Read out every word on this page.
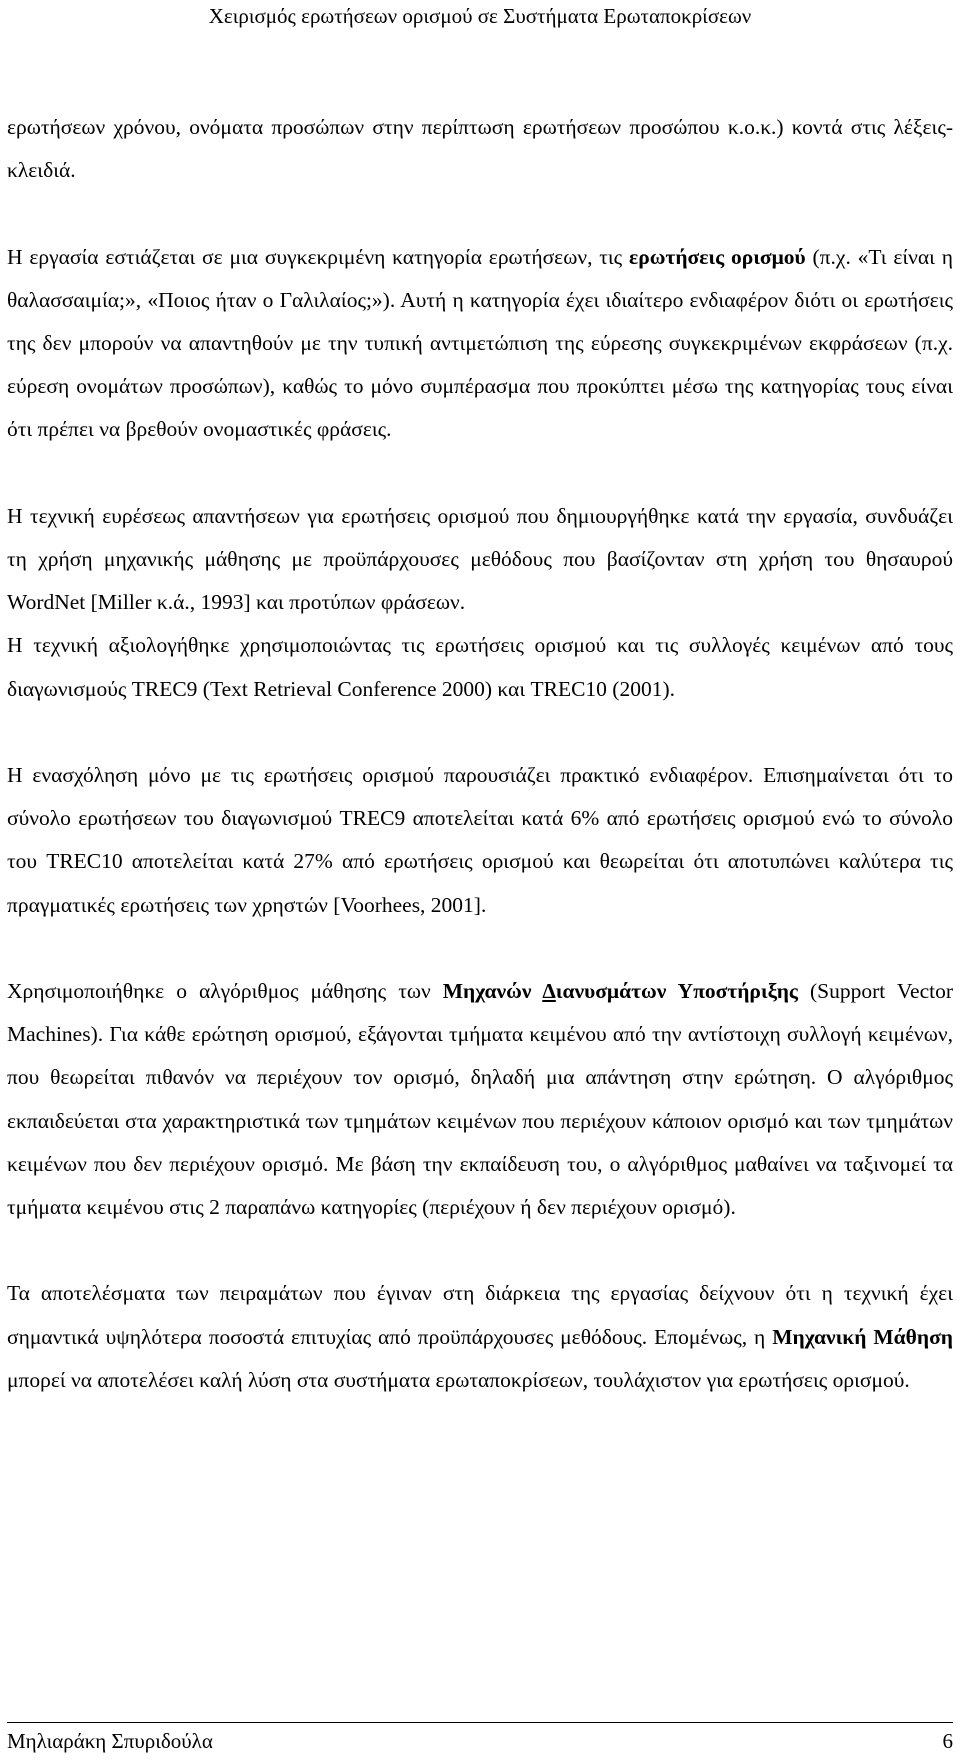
Χειρισμός ερωτήσεων ορισμού σε Συστήματα Ερωταποκρίσεων

ερωτήσεων χρόνου, ονόματα προσώπων στην περίπτωση ερωτήσεων προσώπου κ.ο.κ.) κοντά στις λέξεις-κλειδιά.

Η εργασία εστιάζεται σε μια συγκεκριμένη κατηγορία ερωτήσεων, τις ερωτήσεις ορισμού (π.χ. «Τι είναι η θαλασσαιμία;», «Ποιος ήταν ο Γαλιλαίος;»). Αυτή η κατηγορία έχει ιδιαίτερο ενδιαφέρον διότι οι ερωτήσεις της δεν μπορούν να απαντηθούν με την τυπική αντιμετώπιση της εύρεσης συγκεκριμένων εκφράσεων (π.χ. εύρεση ονομάτων προσώπων), καθώς το μόνο συμπέρασμα που προκύπτει μέσω της κατηγορίας τους είναι ότι πρέπει να βρεθούν ονομαστικές φράσεις.

Η τεχνική ευρέσεως απαντήσεων για ερωτήσεις ορισμού που δημιουργήθηκε κατά την εργασία, συνδυάζει τη χρήση μηχανικής μάθησης με προϋπάρχουσες μεθόδους που βασίζονταν στη χρήση του θησαυρού WordNet [Miller κ.ά., 1993] και προτύπων φράσεων.

Η τεχνική αξιολογήθηκε χρησιμοποιώντας τις ερωτήσεις ορισμού και τις συλλογές κειμένων από τους διαγωνισμούς TREC9 (Text Retrieval Conference 2000) και TREC10 (2001).

Η ενασχόληση μόνο με τις ερωτήσεις ορισμού παρουσιάζει πρακτικό ενδιαφέρον. Επισημαίνεται ότι το σύνολο ερωτήσεων του διαγωνισμού TREC9 αποτελείται κατά 6% από ερωτήσεις ορισμού ενώ το σύνολο του TREC10 αποτελείται κατά 27% από ερωτήσεις ορισμού και θεωρείται ότι αποτυπώνει καλύτερα τις πραγματικές ερωτήσεις των χρηστών [Voorhees, 2001].

Χρησιμοποιήθηκε ο αλγόριθμος μάθησης των Μηχανών Διανυσμάτων Υποστήριξης (Support Vector Machines). Για κάθε ερώτηση ορισμού, εξάγονται τμήματα κειμένου από την αντίστοιχη συλλογή κειμένων, που θεωρείται πιθανόν να περιέχουν τον ορισμό, δηλαδή μια απάντηση στην ερώτηση. Ο αλγόριθμος εκπαιδεύεται στα χαρακτηριστικά των τμημάτων κειμένων που περιέχουν κάποιον ορισμό και των τμημάτων κειμένων που δεν περιέχουν ορισμό. Με βάση την εκπαίδευση του, ο αλγόριθμος μαθαίνει να ταξινομεί τα τμήματα κειμένου στις 2 παραπάνω κατηγορίες (περιέχουν ή δεν περιέχουν ορισμό).

Τα αποτελέσματα των πειραμάτων που έγιναν στη διάρκεια της εργασίας δείχνουν ότι η τεχνική έχει σημαντικά υψηλότερα ποσοστά επιτυχίας από προϋπάρχουσες μεθόδους. Επομένως, η Μηχανική Μάθηση μπορεί να αποτελέσει καλή λύση στα συστήματα ερωταποκρίσεων, τουλάχιστον για ερωτήσεις ορισμού.

Μηλιαράκη Σπυριδούλα	6
